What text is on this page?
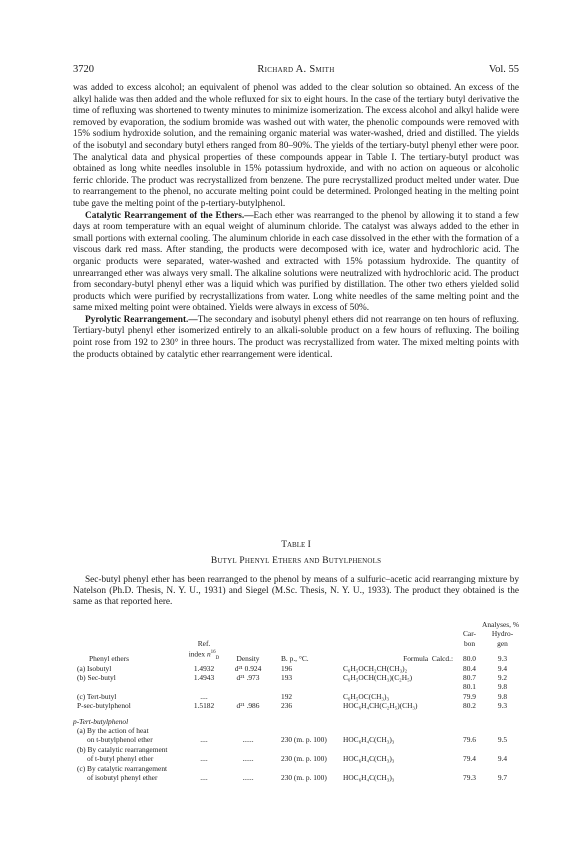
3720	Richard A. Smith	Vol. 55

was added to excess alcohol; an equivalent of phenol was added to the clear solution so obtained. An excess of the alkyl halide was then added and the whole refluxed for six to eight hours. In the case of the tertiary butyl derivative the time of refluxing was shortened to twenty minutes to minimize isomerization. The excess alcohol and alkyl halide were removed by evaporation, the sodium bromide was washed out with water, the phenolic compounds were removed with 15% sodium hydroxide solution, and the remaining organic material was water-washed, dried and distilled. The yields of the isobutyl and secondary butyl ethers ranged from 80–90%. The yields of the tertiary-butyl phenyl ether were poor. The analytical data and physical properties of these compounds appear in Table I. The tertiary-butyl product was obtained as long white needles insoluble in 15% potassium hydroxide, and with no action on aqueous or alcoholic ferric chloride. The product was recrystallized from benzene. The pure recrystallized product melted under water. Due to rearrangement to the phenol, no accurate melting point could be determined. Prolonged heating in the melting point tube gave the melting point of the p-tertiary-butylphenol.

Catalytic Rearrangement of the Ethers.—Each ether was rearranged to the phenol by allowing it to stand a few days at room temperature with an equal weight of aluminum chloride. The catalyst was always added to the ether in small portions with external cooling. The aluminum chloride in each case dissolved in the ether with the formation of a viscous dark red mass. After standing, the products were decomposed with ice, water and hydrochloric acid. The organic products were separated, water-washed and extracted with 15% potassium hydroxide. The quantity of unrearranged ether was always very small. The alkaline solutions were neutralized with hydrochloric acid. The product from secondary-butyl phenyl ether was a liquid which was purified by distillation. The other two ethers yielded solid products which were purified by recrystallizations from water. Long white needles of the same melting point and the same mixed melting point were obtained. Yields were always in excess of 50%.

Pyrolytic Rearrangement.—The secondary and isobutyl phenyl ethers did not rearrange on ten hours of refluxing. Tertiary-butyl phenyl ether isomerized entirely to an alkali-soluble product on a few hours of refluxing. The boiling point rose from 192 to 230° in three hours. The product was recrystallized from water. The mixed melting points with the products obtained by catalytic ether rearrangement were identical.

Table I
Butyl Phenyl Ethers and Butylphenols

Sec-butyl phenyl ether has been rearranged to the phenol by means of a sulfuric–acetic acid rearranging mixture by Natelson (Ph.D. Thesis, N. Y. U., 1931) and Siegel (M.Sc. Thesis, N. Y. U., 1933). The product they obtained is the same as that reported here.

					Analyses, %	
					Car-	Hydro-
	Ref.				bon	gen
Phenyl ethers	index $n^{16}_D$	Density	B. p., °C.	Formula Calcd.:	80.0	9.3
(a) Isobutyl	1.4932	d²¹ 0.924	196	C₆H₅OCH₂CH(CH₃)₂	80.4	9.4
(b) Sec-butyl	1.4943	d²¹ .973	193	C₆H₅OCH(CH₃)(C₂H₅)	80.7	9.2
					80.1	9.8
(c) Tert-butyl	....		192	C₆H₅OC(CH₃)₃	79.9	9.8
P-sec-butylphenol	1.5182	d²¹ .986	236	HOC₆H₄CH(C₂H₅)(CH₃)	80.2	9.3

p-Tert-butylphenol						
(a) By the action of heat						
on t-butylphenol ether	....	......	230 (m. p. 100)	HOC₆H₄C(CH₃)₃	79.6	9.5
(b) By catalytic rearrangement						
of t-butyl phenyl ether	....	......	230 (m. p. 100)	HOC₆H₄C(CH₃)₃	79.4	9.4
(c) By catalytic rearrangement						
of isobutyl phenyl ether	....	......	230 (m. p. 100)	HOC₆H₄C(CH₃)₃	79.3	9.7
